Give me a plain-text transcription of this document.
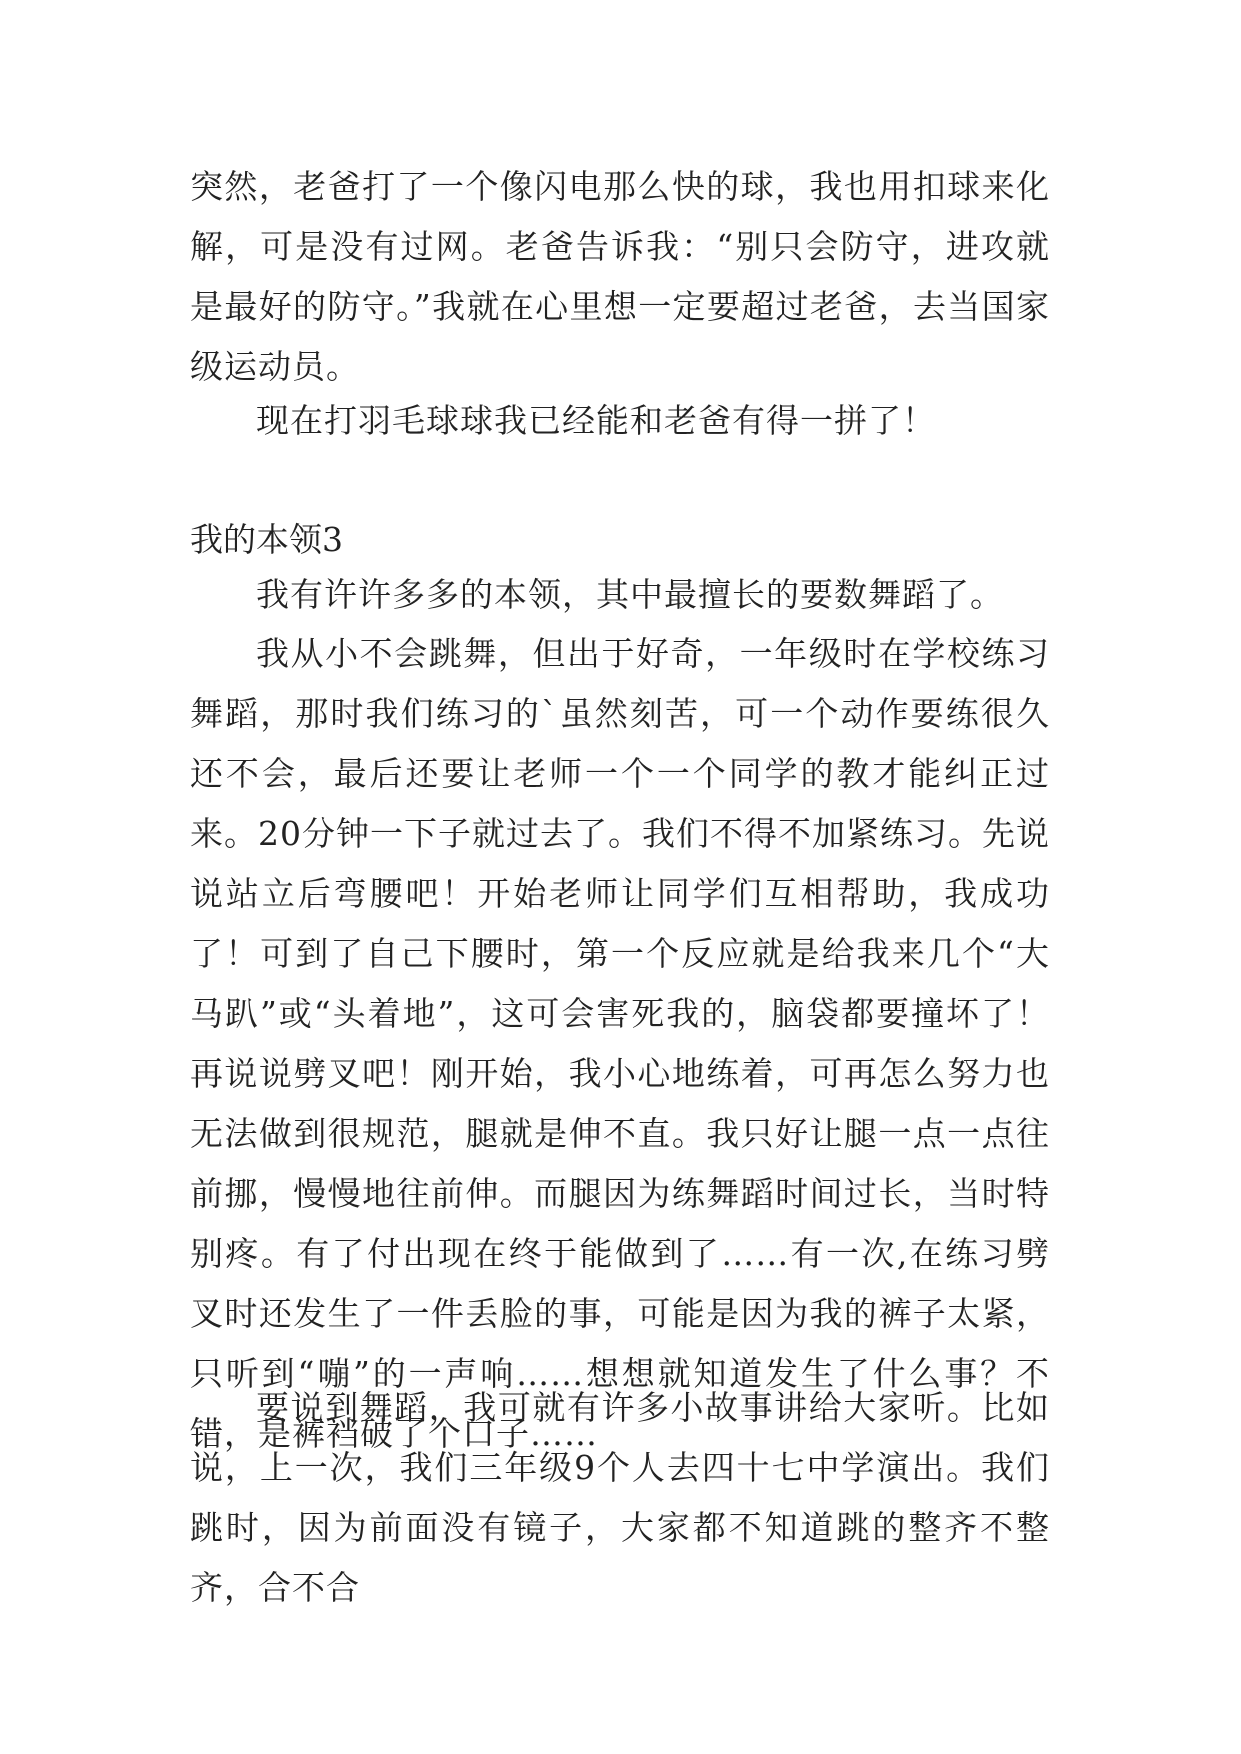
突然，老爸打了一个像闪电那么快的球，我也用扣球来化解，可是没有过网。老爸告诉我：“别只会防守，进攻就是最好的防守。”我就在心里想一定要超过老爸，去当国家级运动员。

现在打羽毛球球我已经能和老爸有得一拼了！

我的本领3

我有许许多多的本领，其中最擅长的要数舞蹈了。

我从小不会跳舞，但出于好奇，一年级时在学校练习舞蹈，那时我们练习的`虽然刻苦，可一个动作要练很久还不会，最后还要让老师一个一个同学的教才能纠正过来。20分钟一下子就过去了。我们不得不加紧练习。先说说站立后弯腰吧！开始老师让同学们互相帮助，我成功了！可到了自己下腰时，第一个反应就是给我来几个“大马趴”或“头着地”，这可会害死我的，脑袋都要撞坏了！再说说劈叉吧！刚开始，我小心地练着，可再怎么努力也无法做到很规范，腿就是伸不直。我只好让腿一点一点往前挪，慢慢地往前伸。而腿因为练舞蹈时间过长，当时特别疼。有了付出现在终于能做到了……有一次,在练习劈叉时还发生了一件丢脸的事，可能是因为我的裤子太紧，只听到“嘣”的一声响……想想就知道发生了什么事？不错，是裤裆破了个口子……

要说到舞蹈，我可就有许多小故事讲给大家听。比如说，上一次，我们三年级9个人去四十七中学演出。我们跳时，因为前面没有镜子，大家都不知道跳的整齐不整齐，合不合
